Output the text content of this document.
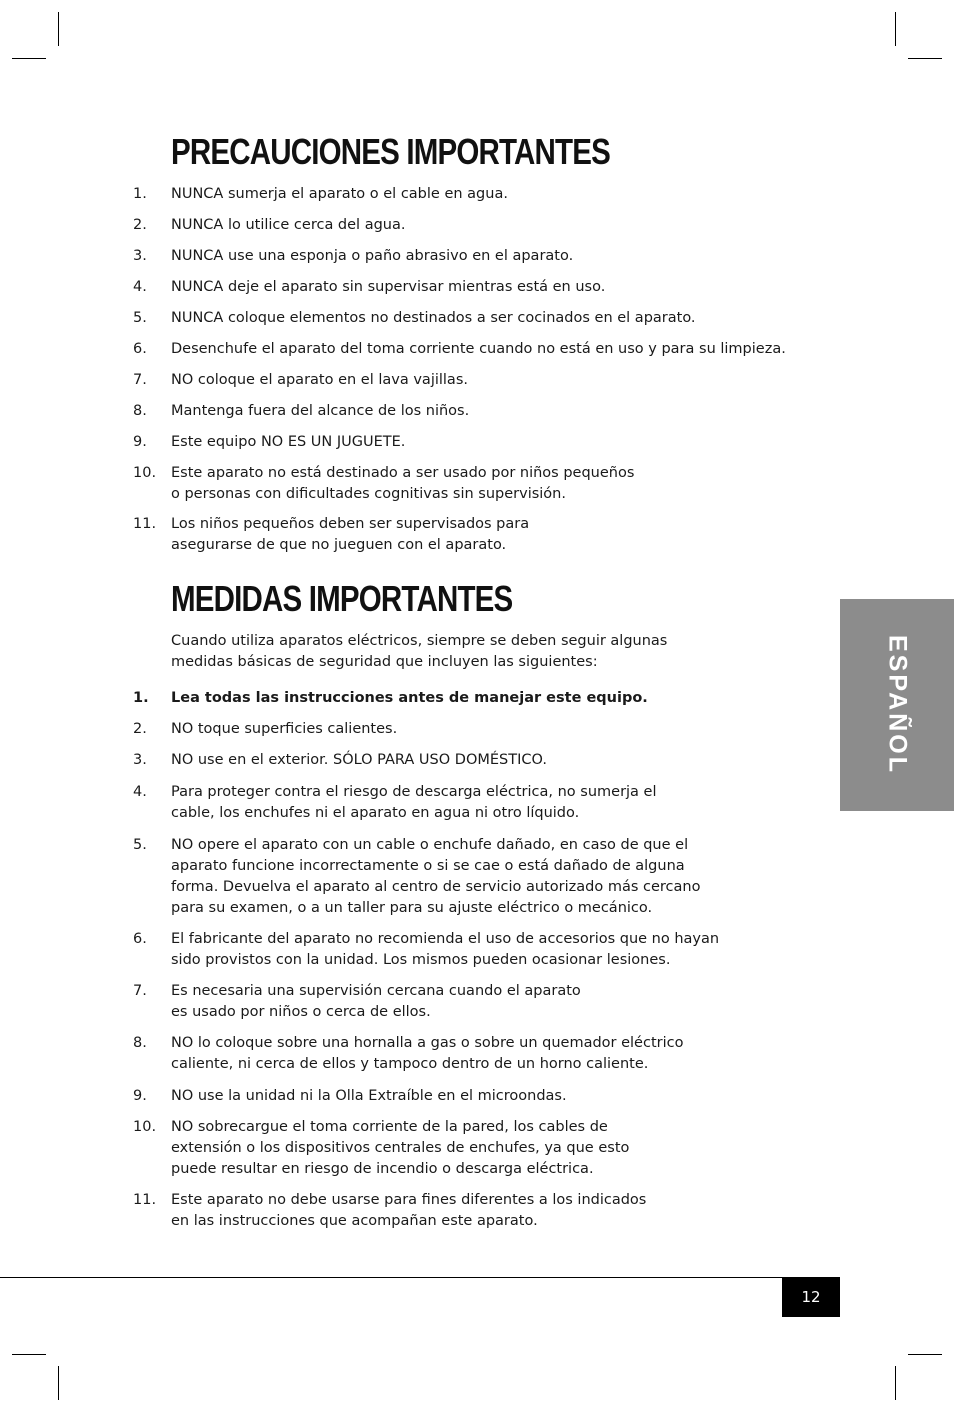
PRECAUCIONES IMPORTANTES
1.	NUNCA sumerja el aparato o el cable en agua.
2.	NUNCA lo utilice cerca del agua.
3.	NUNCA use una esponja o paño abrasivo en el aparato.
4.	NUNCA deje el aparato sin supervisar mientras está en uso.
5.	NUNCA coloque elementos no destinados a ser cocinados en el aparato.
6.	Desenchufe el aparato del toma corriente cuando no está en uso y para su limpieza.
7.	NO coloque el aparato en el lava vajillas.
8.	Mantenga fuera del alcance de los niños.
9.	Este equipo NO ES UN JUGUETE.
10.	Este aparato no está destinado a ser usado por niños pequeños
o personas con dificultades cognitivas sin supervisión.
11.	Los niños pequeños deben ser supervisados para
asegurarse de que no jueguen con el aparato.
MEDIDAS IMPORTANTES
Cuando utiliza aparatos eléctricos, siempre se deben seguir algunas
medidas básicas de seguridad que incluyen las siguientes:
1.	Lea todas las instrucciones antes de manejar este equipo.
2.	NO toque superficies calientes.
3.	NO use en el exterior. SÓLO PARA USO DOMÉSTICO.
4.	Para proteger contra el riesgo de descarga eléctrica, no sumerja el
cable, los enchufes ni el aparato en agua ni otro líquido.
5.	NO opere el aparato con un cable o enchufe dañado, en caso de que el
aparato funcione incorrectamente o si se cae o está dañado de alguna
forma. Devuelva el aparato al centro de servicio autorizado más cercano
para su examen, o a un taller para su ajuste eléctrico o mecánico.
6.	El fabricante del aparato no recomienda el uso de accesorios que no hayan
sido provistos con la unidad. Los mismos pueden ocasionar lesiones.
7.	Es necesaria una supervisión cercana cuando el aparato
es usado por niños o cerca de ellos.
8.	NO lo coloque sobre una hornalla a gas o sobre un quemador eléctrico
caliente, ni cerca de ellos y tampoco dentro de un horno caliente.
9.	NO use la unidad ni la Olla Extraíble en el microondas.
10.	NO sobrecargue el toma corriente de la pared, los cables de
extensión o los dispositivos centrales de enchufes, ya que esto
puede resultar en riesgo de incendio o descarga eléctrica.
11.	Este aparato no debe usarse para fines diferentes a los indicados
en las instrucciones que acompañan este aparato.
ESPAÑOL
12
